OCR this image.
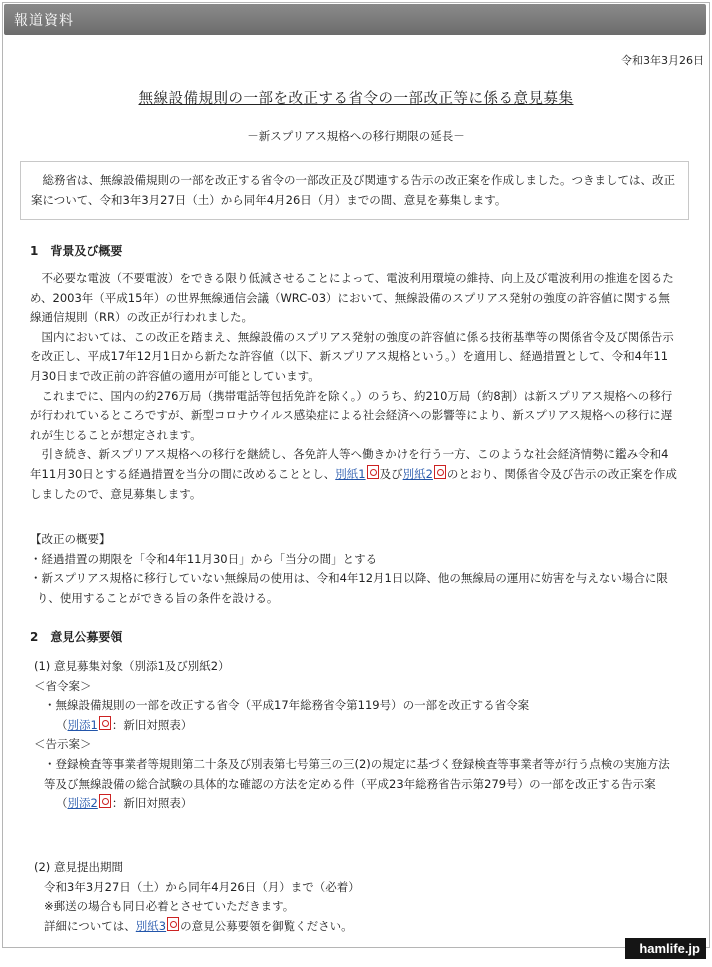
報道資料
令和3年3月26日
無線設備規則の一部を改正する省令の一部改正等に係る意見募集
－新スプリアス規格への移行期限の延長－

総務省は、無線設備規則の一部を改正する省令の一部改正及び関連する告示の改正案を作成しました。つきましては、改正案について、令和3年3月27日（土）から同年4月26日（月）までの間、意見を募集します。

1　背景及び概要

不必要な電波（不要電波）をできる限り低減させることによって、電波利用環境の維持、向上及び電波利用の推進を図るため、2003年（平成15年）の世界無線通信会議（WRC-03）において、無線設備のスプリアス発射の強度の許容値に関する無線通信規則（RR）の改正が行われました。

国内においては、この改正を踏まえ、無線設備のスプリアス発射の強度の許容値に係る技術基準等の関係省令及び関係告示を改正し、平成17年12月1日から新たな許容値（以下、新スプリアス規格という。）を適用し、経過措置として、令和4年11月30日まで改正前の許容値の適用が可能としています。

これまでに、国内の約276万局（携帯電話等包括免許を除く。）のうち、約210万局（約8割）は新スプリアス規格への移行が行われているところですが、新型コロナウイルス感染症による社会経済への影響等により、新スプリアス規格への移行に遅れが生じることが想定されます。

引き続き、新スプリアス規格への移行を継続し、各免許人等へ働きかけを行う一方、このような社会経済情勢に鑑み令和4年11月30日とする経過措置を当分の間に改めることとし、別紙1 及び別紙2 のとおり、関係省令及び告示の改正案を作成しましたので、意見募集します。

【改正の概要】

・経過措置の期限を「令和4年11月30日」から「当分の間」とする

・新スプリアス規格に移行していない無線局の使用は、令和4年12月1日以降、他の無線局の運用に妨害を与えない場合に限り、使用することができる旨の条件を設ける。

2　意見公募要領

(1) 意見募集対象（別添1及び別紙2）

＜省令案＞

・無線設備規則の一部を改正する省令（平成17年総務省令第119号）の一部を改正する省令案

（別添1 ：新旧対照表）

＜告示案＞

・登録検査等事業者等規則第二十条及び別表第七号第三の三(2)の規定に基づく登録検査等事業者等が行う点検の実施方法等及び無線設備の総合試験の具体的な確認の方法を定める件（平成23年総務省告示第279号）の一部を改正する告示案

（別添2 ：新旧対照表）

(2) 意見提出期間

令和3年3月27日（土）から同年4月26日（月）まで（必着）

※郵送の場合も同日必着とさせていただきます。

詳細については、別紙3 の意見公募要領を御覧ください。

hamlife.jp
